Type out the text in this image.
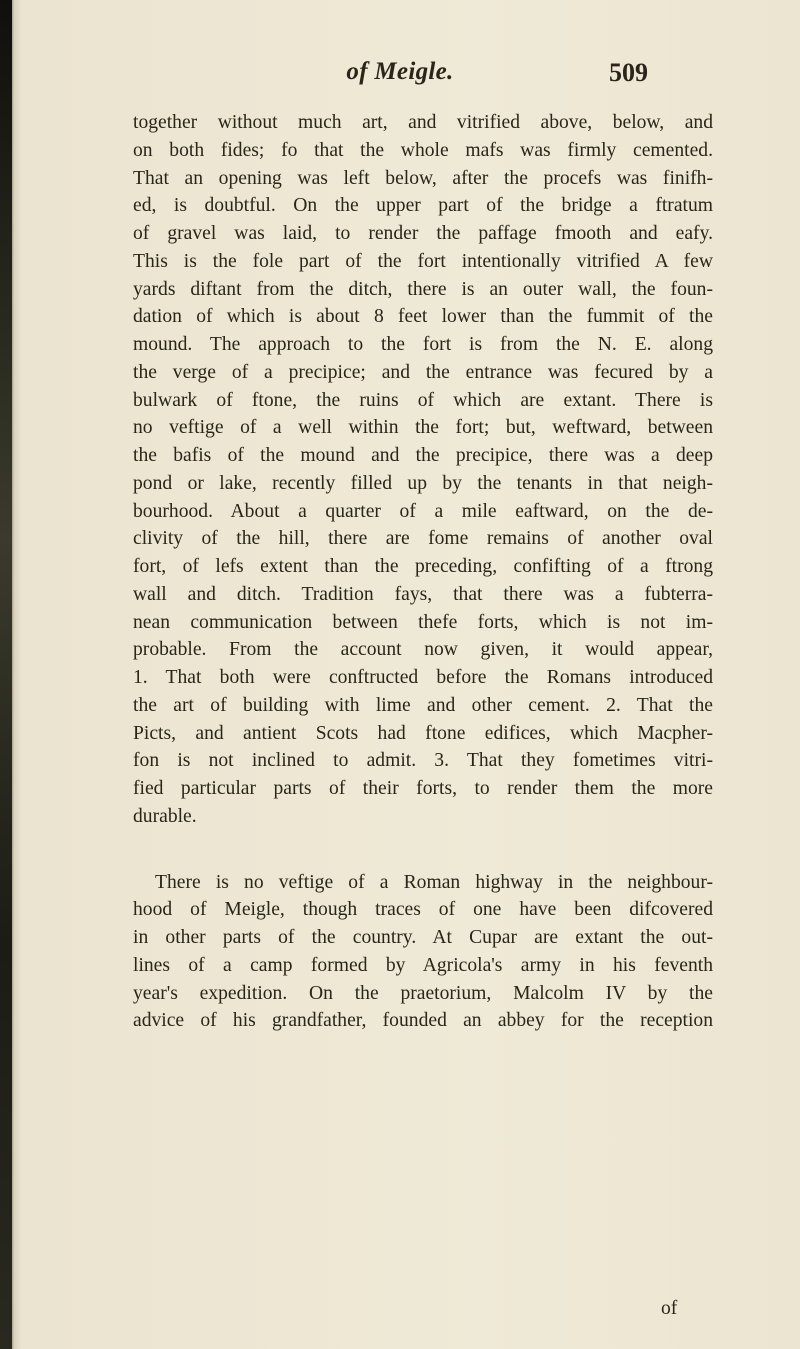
of Meigle.	509
together without much art, and vitrified above, below, and
on both fides; fo that the whole mafs was firmly cemented.
That an opening was left below, after the procefs was finifh-
ed, is doubtful. On the upper part of the bridge a ftratum
of gravel was laid, to render the paffage fmooth and eafy.
This is the fole part of the fort intentionally vitrified A few
yards diftant from the ditch, there is an outer wall, the foun-
dation of which is about 8 feet lower than the fummit of the
mound. The approach to the fort is from the N. E. along
the verge of a precipice; and the entrance was fecured by a
bulwark of ftone, the ruins of which are extant. There is
no veftige of a well within the fort; but, weftward, between
the bafis of the mound and the precipice, there was a deep
pond or lake, recently filled up by the tenants in that neigh-
bourhood. About a quarter of a mile eaftward, on the de-
clivity of the hill, there are fome remains of another oval
fort, of lefs extent than the preceding, confifting of a ftrong
wall and ditch. Tradition fays, that there was a fubterra-
nean communication between thefe forts, which is not im-
probable. From the account now given, it would appear,
1. That both were conftructed before the Romans introduced
the art of building with lime and other cement. 2. That the
Picts, and antient Scots had ftone edifices, which Macpher-
fon is not inclined to admit. 3. That they fometimes vitri-
fied particular parts of their forts, to render them the more
durable.
There is no veftige of a Roman highway in the neighbour-
hood of Meigle, though traces of one have been difcovered
in other parts of the country. At Cupar are extant the out-
lines of a camp formed by Agricola's army in his feventh
year's expedition. On the praetorium, Malcolm IV by the
advice of his grandfather, founded an abbey for the reception
of
